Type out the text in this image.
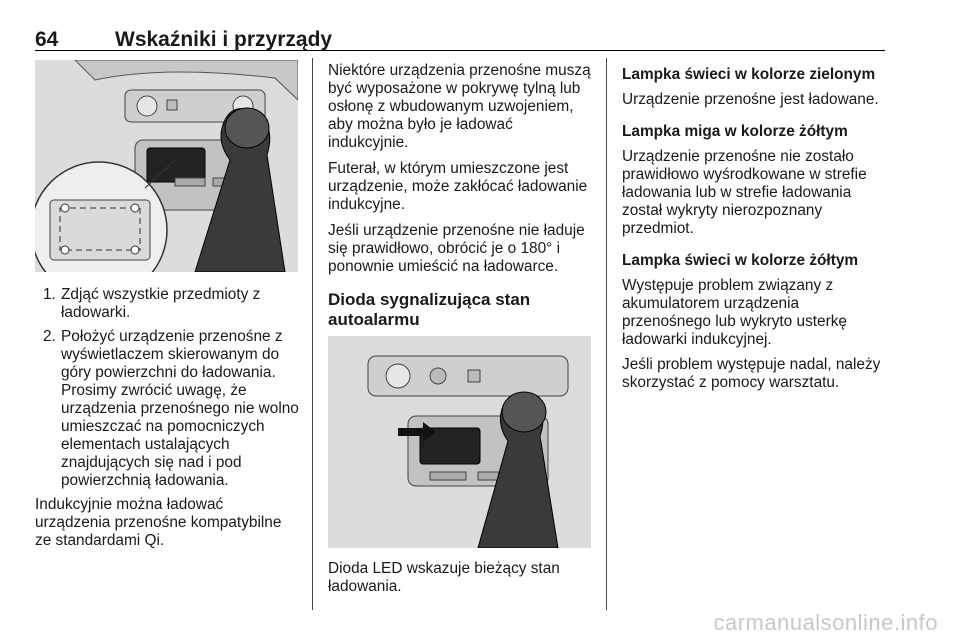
64	Wskaźniki i przyrządy
1. Zdjąć wszystkie przedmioty z ładowarki.
2. Położyć urządzenie przenośne z wyświetlaczem skierowanym do góry powierzchni do ładowania. Prosimy zwrócić uwagę, że urządzenia przenośnego nie wolno umieszczać na pomocniczych elementach ustalających znajdujących się nad i pod powierzchnią ładowania.

Indukcyjnie można ładować urządzenia przenośne kompatybilne ze standardami Qi.

Niektóre urządzenia przenośne muszą być wyposażone w pokrywę tylną lub osłonę z wbudowanym uzwojeniem, aby można było je ładować indukcyjnie.

Futerał, w którym umieszczone jest urządzenie, może zakłócać ładowanie indukcyjne.

Jeśli urządzenie przenośne nie ładuje się prawidłowo, obrócić je o 180° i ponownie umieścić na ładowarce.

Dioda sygnalizująca stan autoalarmu

Dioda LED wskazuje bieżący stan ładowania.

Lampka świeci w kolorze zielonym

Urządzenie przenośne jest ładowane.

Lampka miga w kolorze żółtym

Urządzenie przenośne nie zostało prawidłowo wyśrodkowane w strefie ładowania lub w strefie ładowania został wykryty nierozpoznany przedmiot.

Lampka świeci w kolorze żółtym

Występuje problem związany z akumulatorem urządzenia przenośnego lub wykryto usterkę ładowarki indukcyjnej.

Jeśli problem występuje nadal, należy skorzystać z pomocy warsztatu.

carmanualsonline.info
